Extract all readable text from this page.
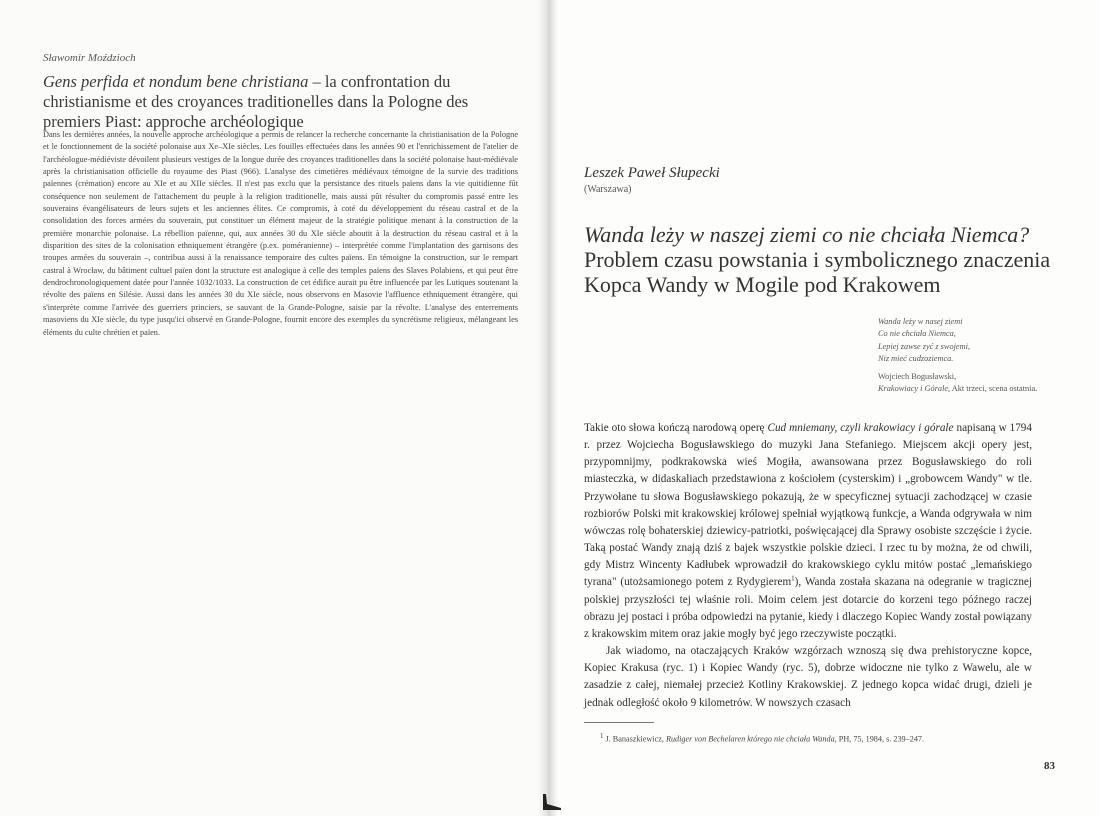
Sławomir Moździoch
Gens perfida et nondum bene christiana – la confrontation du christianisme et des croyances traditionelles dans la Pologne des premiers Piast: approche archéologique
Dans les dernières années, la nouvelle approche archéologique a permis de relancer la recherche concernante la christianisation de la Pologne et le fonctionnement de la société polonaise aux Xe–XIe siècles. Les fouilles effectuées dans les années 90 et l'enrichissement de l'atelier de l'archéologue-médiéviste dévoilent plusieurs vestiges de la longue durée des croyances traditionelles dans la société polonaise haut-médiévale après la christianisation officielle du royaume des Piast (966). L'analyse des cimetières médiévaux témoigne de la survie des traditions païennes (crémation) encore au XIe et au XIIe siècles. Il n'est pas exclu que la persistance des rituels païens dans la vie quitidienne fût conséquence non seulement de l'attachement du peuple à la religion traditionelle, mais aussi pût résulter du compromis passé entre les souverains évangélisateurs de leurs sujets et les anciennes élites. Ce compromis, à coté du développement du réseau castral et de la consolidation des forces armées du souverain, put constituer un élément majeur de la stratégie politique menant à la construction de la première monarchie polonaise. La rébellion païenne, qui, aux années 30 du XIe siècle aboutit à la destruction du réseau castral et à la disparition des sites de la colonisation ethniquement étrangère (p.ex. poméranienne) – interprétée comme l'implantation des garnisons des troupes armées du souverain –, contribua aussi à la renaissance temporaire des cultes païens. En témoigne la construction, sur le rempart castral à Wrocław, du bâtiment cultuel païen dont la structure est analogique à celle des temples païens des Slaves Polabiens, et qui peut être dendrochronologiquement datée pour l'année 1032/1033. La construction de cet édifice aurait pu être influencée par les Lutiques soutenant la révolte des païens en Silésie. Aussi dans les années 30 du XIe siècle, nous observons en Masovie l'affluence ethniquement étrangère, qui s'interprète comme l'arrivée des guerriers princiers, se sauvant de la Grande-Pologne, saisie par la révolte. L'analyse des enterrements masoviens du XIe siècle, du type jusqu'ici observé en Grande-Pologne, fournit encore des exemples du syncrétisme religieux, mélangeant les éléments du culte chrétien et païen.
Leszek Paweł Słupecki
(Warszawa)
Wanda leży w naszej ziemi co nie chciała Niemca?
Problem czasu powstania i symbolicznego znaczenia
Kopca Wandy w Mogile pod Krakowem
Wanda leży w nasej ziemi
Co nie chciała Niemca,
Lepiej zawse zyć z swojemi,
Niz mieć cudzoziemca.
Wojciech Bogusławski,
Krakowiacy i Górale, Akt trzeci, scena ostatnia.

Takie oto słowa kończą narodową operę Cud mniemany, czyli krakowiacy i górale napisaną w 1794 r. przez Wojciecha Bogusławskiego do muzyki Jana Stefaniego. Miejscem akcji opery jest, przypomnijmy, podkrakowska wieś Mogiła, awansowana przez Bogusławskiego do roli miasteczka, w didaskaliach przedstawiona z kościołem (cysterskim) i „grobowcem Wandy" w tle. Przywołane tu słowa Bogusławskiego pokazują, że w specyficznej sytuacji zachodzącej w czasie rozbiorów Polski mit krakowskiej królowej spełniał wyjątkową funkcje, a Wanda odgrywała w nim wówczas rolę bohaterskiej dziewicy-patriotki, poświęcającej dla Sprawy osobiste szczęście i życie. Taką postać Wandy znają dziś z bajek wszystkie polskie dzieci. I rzec tu by można, że od chwili, gdy Mistrz Wincenty Kadłubek wprowadził do krakowskiego cyklu mitów postać „lemańskiego tyrana" (utożsamionego potem z Rydygierem$^1$), Wanda została skazana na odegranie w tragicznej polskiej przyszłości tej właśnie roli. Moim celem jest dotarcie do korzeni tego późnego raczej obrazu jej postaci i próba odpowiedzi na pytanie, kiedy i dlaczego Kopiec Wandy został powiązany z krakowskim mitem oraz jakie mogły być jego rzeczywiste początki.

Jak wiadomo, na otaczających Kraków wzgórzach wznoszą się dwa prehistoryczne kopce, Kopiec Krakusa (ryc. 1) i Kopiec Wandy (ryc. 5), dobrze widoczne nie tylko z Wawelu, ale w zasadzie z całej, niemałej przecież Kotliny Krakowskiej. Z jednego kopca widać drugi, dzieli je jednak odległość około 9 kilometrów. W nowszych czasach

$^1$ J. Banaszkiewicz, Rudiger von Bechelaren którego nie chciała Wanda, PH, 75, 1984, s. 239–247.
83
